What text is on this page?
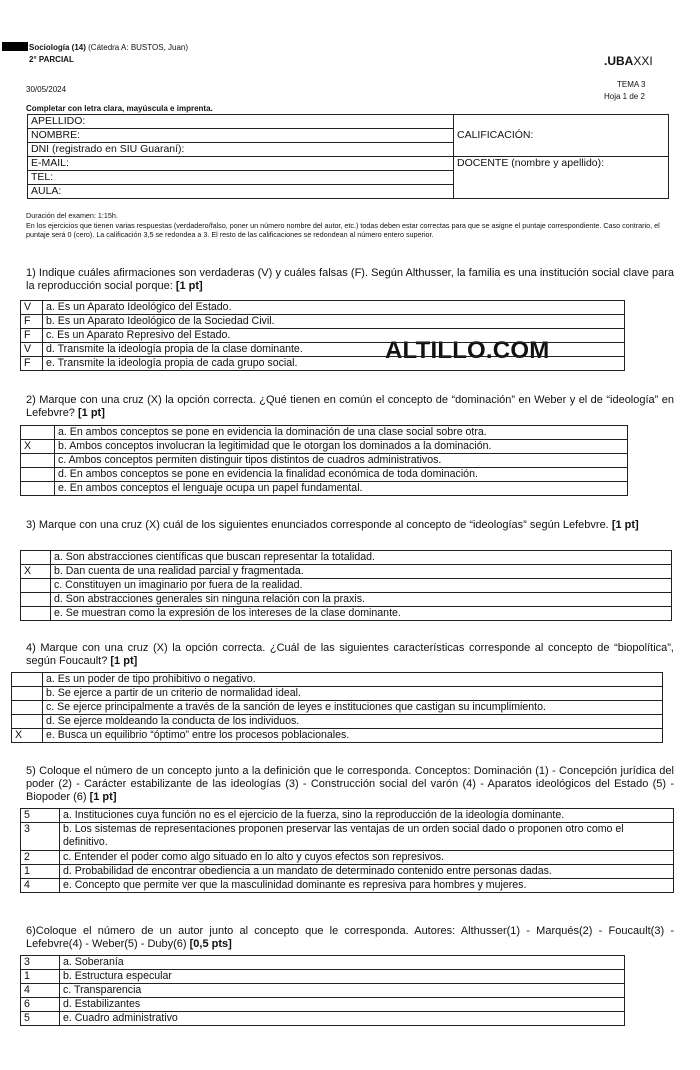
Sociología (14) (Cátedra A: BUSTOS, Juan)
2° PARCIAL	.UBAXXI
30/05/2024
TEMA 3
Hoja 1 de 2
Completar con letra clara, mayúscula e imprenta.
APELLIDO:	CALIFICACIÓN:
NOMBRE:	
DNI (registrado en SIU Guaraní):	
E-MAIL:	DOCENTE (nombre y apellido):
TEL:	
AULA:	
Duración del examen: 1:15h.
En los ejercicios que tienen varias respuestas (verdadero/falso, poner un número nombre del autor, etc.) todas deben estar correctas para que se asigne el puntaje correspondiente. Caso contrario, el puntaje será 0 (cero). La calificación 3,5 se redondea a 3. El resto de las calificaciones se redondean al número entero superior.
ALTILLO.COM
1) Indique cuáles afirmaciones son verdaderas (V) y cuáles falsas (F). Según Althusser, la familia es una institución social clave para la reproducción social porque: [1 pt]
V	a. Es un Aparato Ideológico del Estado.
F	b. Es un Aparato Ideológico de la Sociedad Civil.
F	c. Es un Aparato Represivo del Estado.
V	d. Transmite la ideología propia de la clase dominante.
F	e. Transmite la ideología propia de cada grupo social.
2) Marque con una cruz (X) la opción correcta. ¿Qué tienen en común el concepto de “dominación” en Weber y el de “ideología” en Lefebvre? [1 pt]
	a. En ambos conceptos se pone en evidencia la dominación de una clase social sobre otra.
X	b. Ambos conceptos involucran la legitimidad que le otorgan los dominados a la dominación.
	c. Ambos conceptos permiten distinguir tipos distintos de cuadros administrativos.
	d. En ambos conceptos se pone en evidencia la finalidad económica de toda dominación.
	e. En ambos conceptos el lenguaje ocupa un papel fundamental.
3) Marque con una cruz (X) cuál de los siguientes enunciados corresponde al concepto de “ideologías” según Lefebvre. [1 pt]
	a. Son abstracciones científicas que buscan representar la totalidad.
X	b. Dan cuenta de una realidad parcial y fragmentada.
	c. Constituyen un imaginario por fuera de la realidad.
	d. Son abstracciones generales sin ninguna relación con la praxis.
	e. Se muestran como la expresión de los intereses de la clase dominante.
4) Marque con una cruz (X) la opción correcta. ¿Cuál de las siguientes características corresponde al concepto de “biopolítica”, según Foucault? [1 pt]
	a. Es un poder de tipo prohibitivo o negativo.
	b. Se ejerce a partir de un criterio de normalidad ideal.
	c. Se ejerce principalmente a través de la sanción de leyes e instituciones que castigan su incumplimiento.
	d. Se ejerce moldeando la conducta de los individuos.
X	e. Busca un equilibrio “óptimo” entre los procesos poblacionales.
5) Coloque el número de un concepto junto a la definición que le corresponda. Conceptos: Dominación (1) - Concepción jurídica del poder (2) - Carácter estabilizante de las ideologías (3) - Construcción social del varón (4) - Aparatos ideológicos del Estado (5) - Biopoder (6) [1 pt]
5	a. Instituciones cuya función no es el ejercicio de la fuerza, sino la reproducción de la ideología dominante.
3	b. Los sistemas de representaciones proponen preservar las ventajas de un orden social dado o proponen otro como el definitivo.
2	c. Entender el poder como algo situado en lo alto y cuyos efectos son represivos.
1	d. Probabilidad de encontrar obediencia a un mandato de determinado contenido entre personas dadas.
4	e. Concepto que permite ver que la masculinidad dominante es represiva para hombres y mujeres.
6)Coloque el número de un autor junto al concepto que le corresponda. Autores: Althusser(1) - Marqués(2) - Foucault(3) - Lefebvre(4) - Weber(5) - Duby(6) [0,5 pts]
3	a. Soberanía
1	b. Estructura especular
4	c. Transparencia
6	d. Estabilizantes
5	e. Cuadro administrativo
